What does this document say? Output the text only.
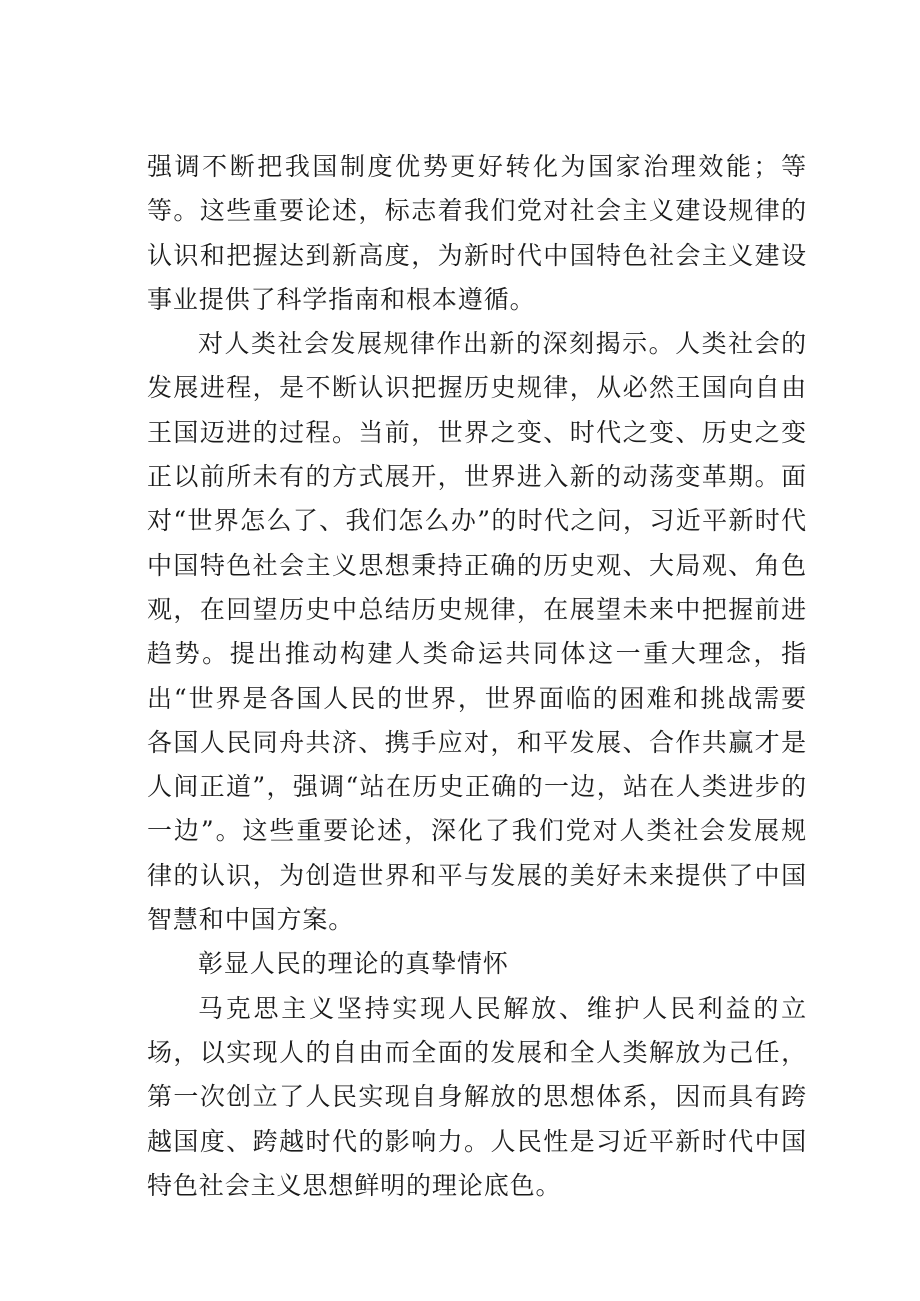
强调不断把我国制度优势更好转化为国家治理效能；等等。这些重要论述，标志着我们党对社会主义建设规律的认识和把握达到新高度，为新时代中国特色社会主义建设事业提供了科学指南和根本遵循。

对人类社会发展规律作出新的深刻揭示。人类社会的发展进程，是不断认识把握历史规律，从必然王国向自由王国迈进的过程。当前，世界之变、时代之变、历史之变正以前所未有的方式展开，世界进入新的动荡变革期。面对“世界怎么了、我们怎么办”的时代之问，习近平新时代中国特色社会主义思想秉持正确的历史观、大局观、角色观，在回望历史中总结历史规律，在展望未来中把握前进趋势。提出推动构建人类命运共同体这一重大理念，指出“世界是各国人民的世界，世界面临的困难和挑战需要各国人民同舟共济、携手应对，和平发展、合作共赢才是人间正道”，强调“站在历史正确的一边，站在人类进步的一边”。这些重要论述，深化了我们党对人类社会发展规律的认识，为创造世界和平与发展的美好未来提供了中国智慧和中国方案。

彰显人民的理论的真挚情怀

马克思主义坚持实现人民解放、维护人民利益的立场，以实现人的自由而全面的发展和全人类解放为己任，第一次创立了人民实现自身解放的思想体系，因而具有跨越国度、跨越时代的影响力。人民性是习近平新时代中国特色社会主义思想鲜明的理论底色。
